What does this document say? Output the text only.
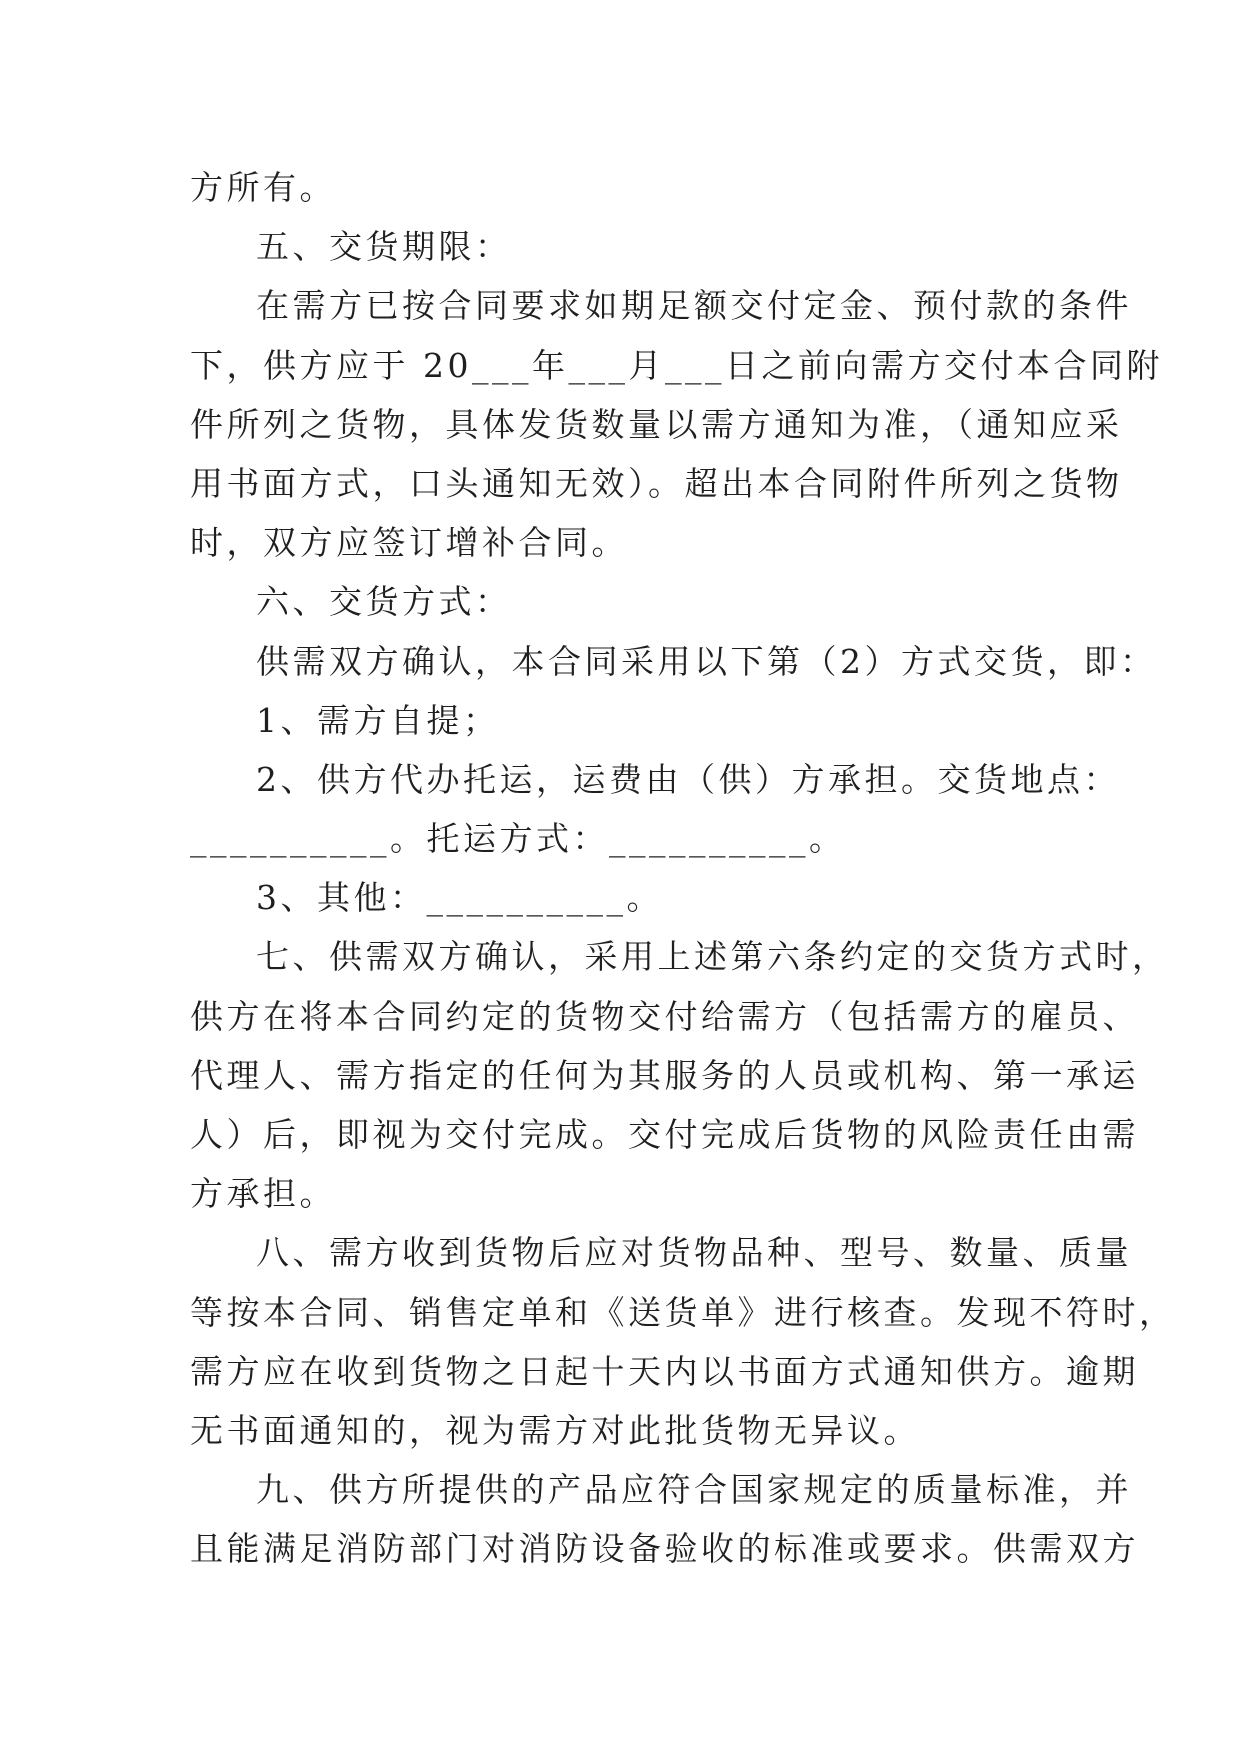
方所有。
五、交货期限：
在需方已按合同要求如期足额交付定金、预付款的条件
下，供方应于 20___年___月___日之前向需方交付本合同附
件所列之货物，具体发货数量以需方通知为准，（通知应采
用书面方式，口头通知无效）。超出本合同附件所列之货物
时，双方应签订增补合同。
六、交货方式：
供需双方确认，本合同采用以下第（2）方式交货，即：
1、需方自提；
2、供方代办托运，运费由（供）方承担。交货地点：
__________。托运方式：__________。
3、其他：__________。
七、供需双方确认，采用上述第六条约定的交货方式时，
供方在将本合同约定的货物交付给需方（包括需方的雇员、
代理人、需方指定的任何为其服务的人员或机构、第一承运
人）后，即视为交付完成。交付完成后货物的风险责任由需
方承担。
八、需方收到货物后应对货物品种、型号、数量、质量
等按本合同、销售定单和《送货单》进行核查。发现不符时，
需方应在收到货物之日起十天内以书面方式通知供方。逾期
无书面通知的，视为需方对此批货物无异议。
九、供方所提供的产品应符合国家规定的质量标准，并
且能满足消防部门对消防设备验收的标准或要求。供需双方
